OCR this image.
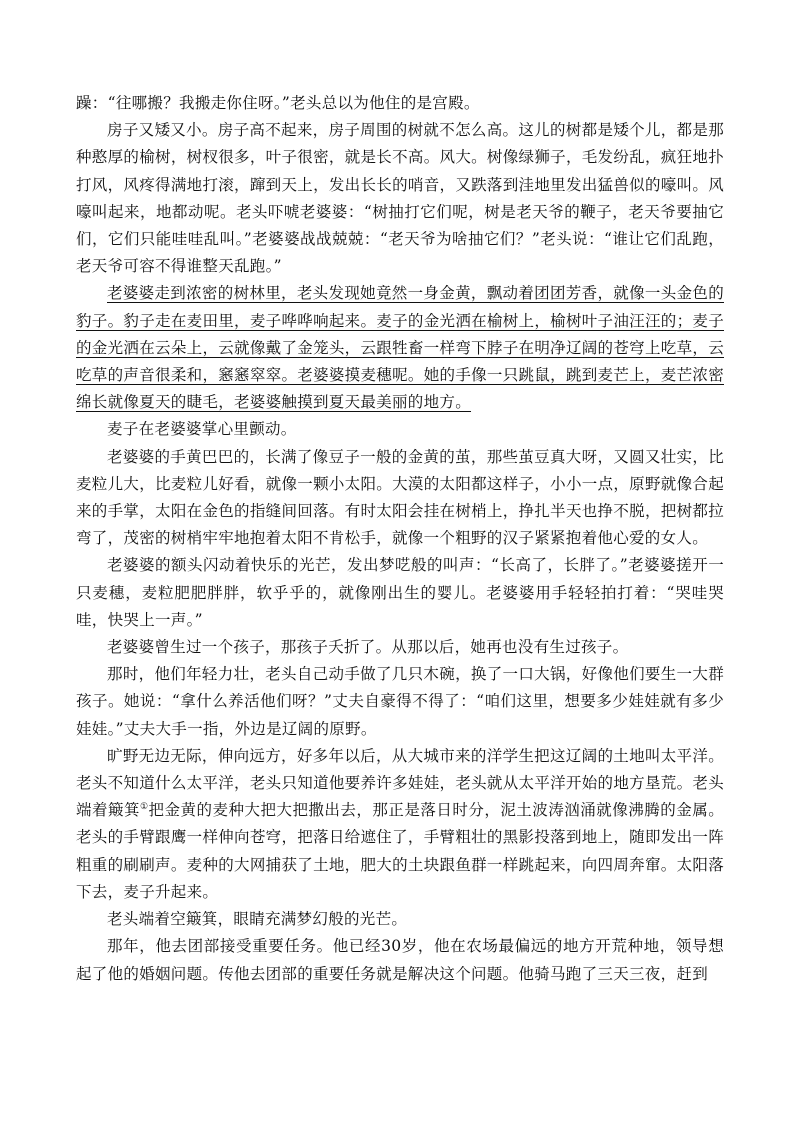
躁：“往哪搬？我搬走你住呀。”老头总以为他住的是宫殿。

房子又矮又小。房子高不起来，房子周围的树就不怎么高。这儿的树都是矮个儿，都是那种憨厚的榆树，树杈很多，叶子很密，就是长不高。风大。树像绿狮子，毛发纷乱，疯狂地扑打风，风疼得满地打滚，蹿到天上，发出长长的哨音，又跌落到洼地里发出猛兽似的嚎叫。风嚎叫起来，地都动呢。老头吓唬老婆婆：“树抽打它们呢，树是老天爷的鞭子，老天爷要抽它们，它们只能哇哇乱叫。”老婆婆战战兢兢：“老天爷为啥抽它们？”老头说：“谁让它们乱跑，老天爷可容不得谁整天乱跑。”

老婆婆走到浓密的树林里，老头发现她竟然一身金黄，飘动着团团芳香，就像一头金色的豹子。豹子走在麦田里，麦子哗哗响起来。麦子的金光洒在榆树上，榆树叶子油汪汪的；麦子的金光洒在云朵上，云就像戴了金笼头，云跟牲畜一样弯下脖子在明净辽阔的苍穹上吃草，云吃草的声音很柔和，窸窸窣窣。老婆婆摸麦穗呢。她的手像一只跳鼠，跳到麦芒上，麦芒浓密绵长就像夏天的睫毛，老婆婆触摸到夏天最美丽的地方。

麦子在老婆婆掌心里颤动。

老婆婆的手黄巴巴的，长满了像豆子一般的金黄的茧，那些茧豆真大呀，又圆又壮实，比麦粒儿大，比麦粒儿好看，就像一颗小太阳。大漠的太阳都这样子，小小一点，原野就像合起来的手掌，太阳在金色的指缝间回落。有时太阳会挂在树梢上，挣扎半天也挣不脱，把树都拉弯了，茂密的树梢牢牢地抱着太阳不肯松手，就像一个粗野的汉子紧紧抱着他心爱的女人。

老婆婆的额头闪动着快乐的光芒，发出梦呓般的叫声：“长高了，长胖了。”老婆婆搓开一只麦穗，麦粒肥肥胖胖，软乎乎的，就像刚出生的婴儿。老婆婆用手轻轻拍打着：“哭哇哭哇，快哭上一声。”

老婆婆曾生过一个孩子，那孩子夭折了。从那以后，她再也没有生过孩子。

那时，他们年轻力壮，老头自己动手做了几只木碗，换了一口大锅，好像他们要生一大群孩子。她说：“拿什么养活他们呀？”丈夫自豪得不得了：“咱们这里，想要多少娃娃就有多少娃娃。”丈夫大手一指，外边是辽阔的原野。

旷野无边无际，伸向远方，好多年以后，从大城市来的洋学生把这辽阔的土地叫太平洋。老头不知道什么太平洋，老头只知道他要养许多娃娃，老头就从太平洋开始的地方垦荒。老头端着簸箕①把金黄的麦种大把大把撒出去，那正是落日时分，泥土波涛汹涌就像沸腾的金属。老头的手臂跟鹰一样伸向苍穹，把落日给遮住了，手臂粗壮的黑影投落到地上，随即发出一阵粗重的刷刷声。麦种的大网捕获了土地，肥大的土块跟鱼群一样跳起来，向四周奔窜。太阳落下去，麦子升起来。

老头端着空簸箕，眼睛充满梦幻般的光芒。

那年，他去团部接受重要任务。他已经30岁，他在农场最偏远的地方开荒种地，领导想起了他的婚姻问题。传他去团部的重要任务就是解决这个问题。他骑马跑了三天三夜，赶到
